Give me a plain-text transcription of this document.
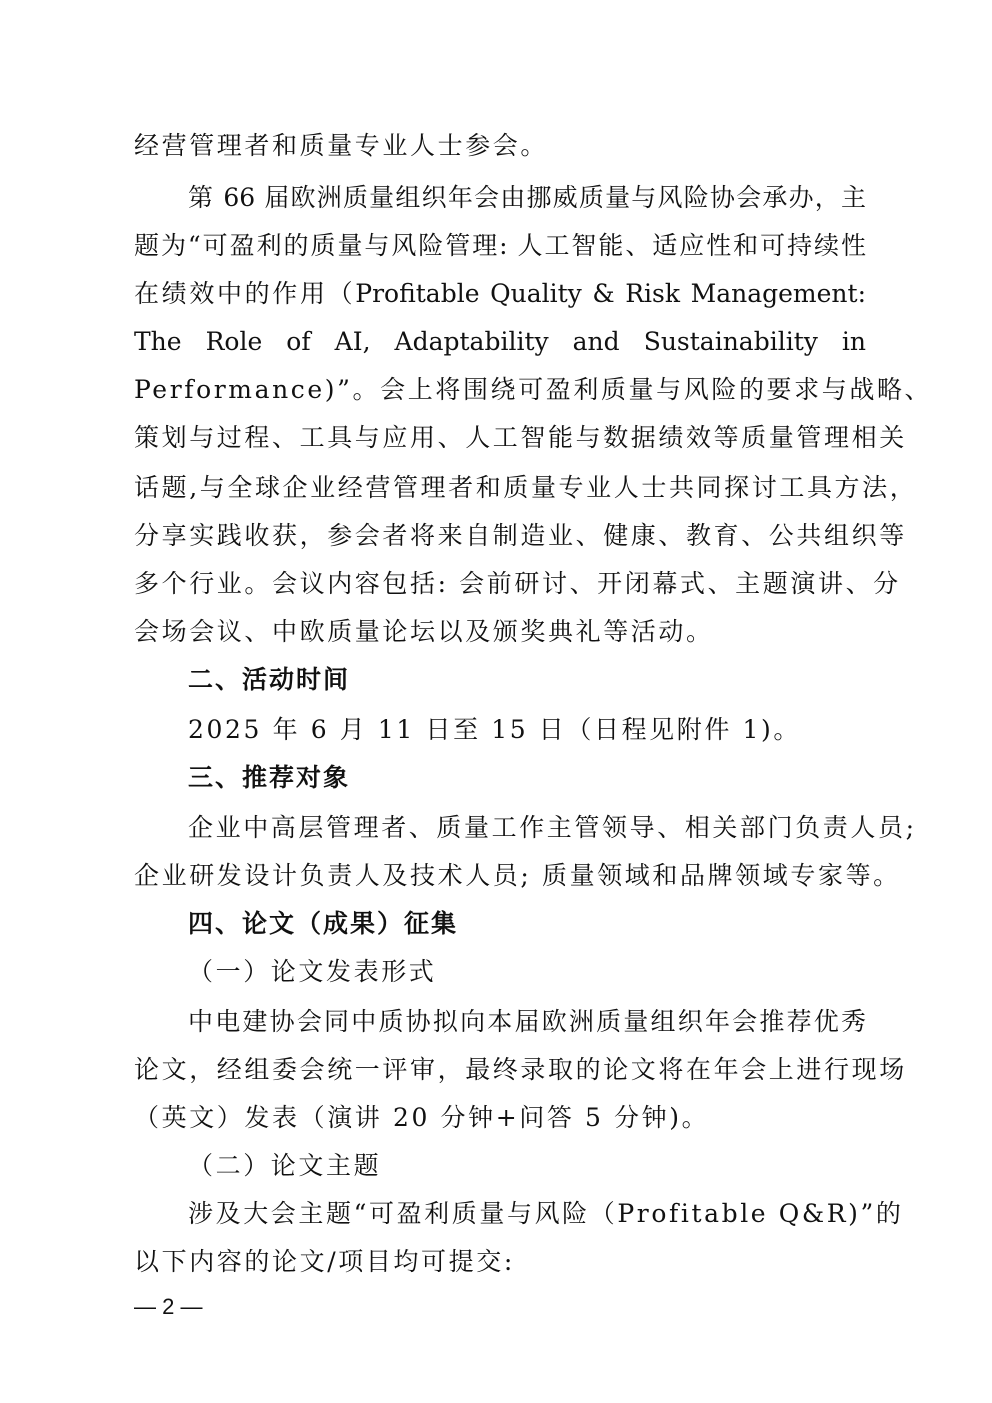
经营管理者和质量专业人士参会。
第 66 届欧洲质量组织年会由挪威质量与风险协会承办，主
题为“可盈利的质量与风险管理: 人工智能、适应性和可持续性
在绩效中的作用（Profitable Quality & Risk Management:
The Role of AI, Adaptability and Sustainability in
Performance)”。会上将围绕可盈利质量与风险的要求与战略、
策划与过程、工具与应用、人工智能与数据绩效等质量管理相关
话题,与全球企业经营管理者和质量专业人士共同探讨工具方法，
分享实践收获，参会者将来自制造业、健康、教育、公共组织等
多个行业。会议内容包括: 会前研讨、开闭幕式、主题演讲、分
会场会议、中欧质量论坛以及颁奖典礼等活动。
二、活动时间
2025 年 6 月 11 日至 15 日（日程见附件 1)。
三、推荐对象
企业中高层管理者、质量工作主管领导、相关部门负责人员;
企业研发设计负责人及技术人员; 质量领域和品牌领域专家等。
四、论文（成果）征集
（一）论文发表形式
中电建协会同中质协拟向本届欧洲质量组织年会推荐优秀
论文，经组委会统一评审，最终录取的论文将在年会上进行现场
（英文）发表（演讲 20 分钟+问答 5 分钟)。
（二）论文主题
涉及大会主题“可盈利质量与风险（Profitable Q&R)”的
以下内容的论文/项目均可提交:
— 2 —
